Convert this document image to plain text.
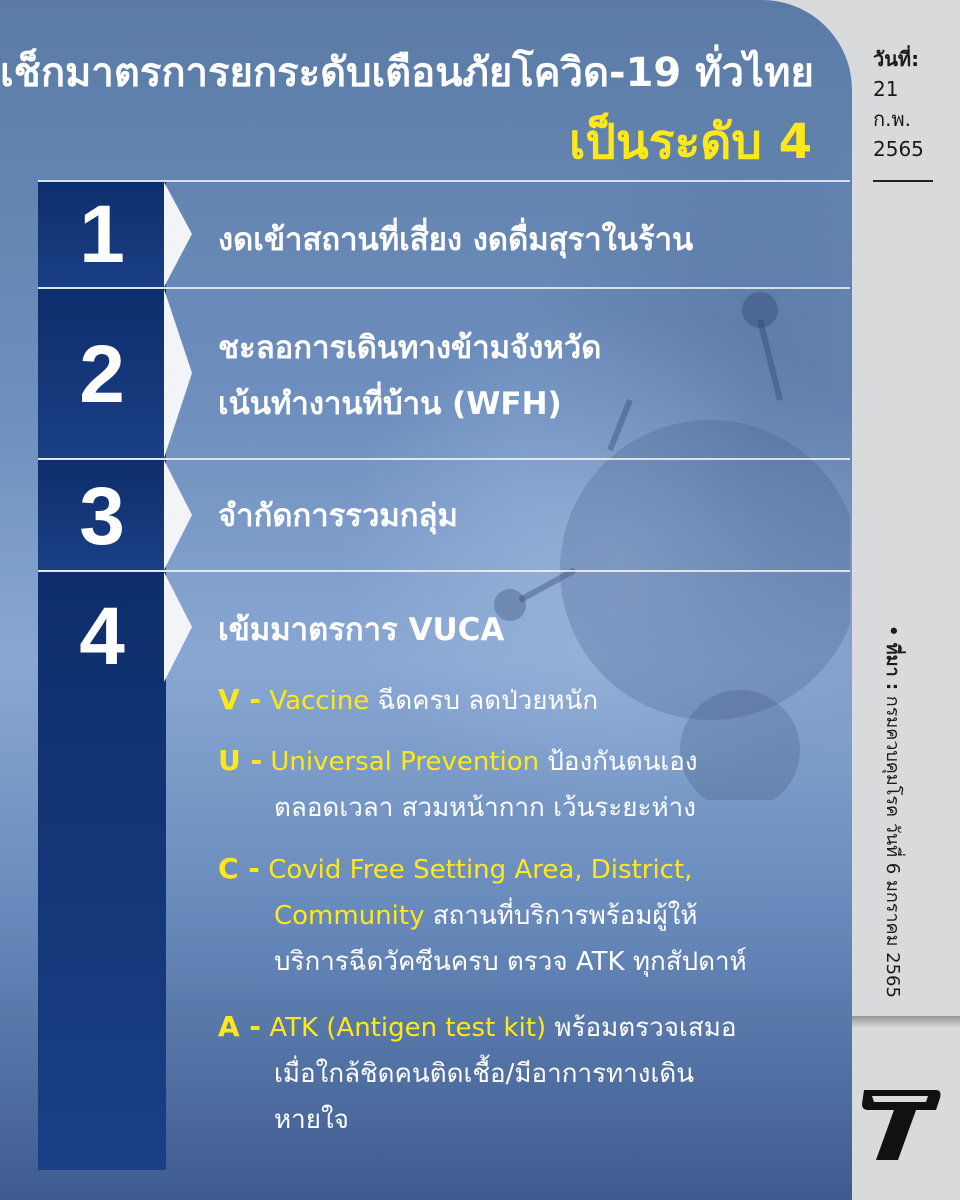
เช็กมาตรการยกระดับเตือนภัยโควิด-19 ทั่วไทย
เป็นระดับ 4
1
2
3
4
งดเข้าสถานที่เสี่ยง งดดื่มสุราในร้าน
ชะลอการเดินทางข้ามจังหวัด
เน้นทำงานที่บ้าน (WFH)
จำกัดการรวมกลุ่ม
เข้มมาตรการ VUCA
V - Vaccine ฉีดครบ ลดป่วยหนัก
U - Universal Prevention ป้องกันตนเอง
ตลอดเวลา สวมหน้ากาก เว้นระยะห่าง
C - Covid Free Setting Area, District,
Community สถานที่บริการพร้อมผู้ให้
บริการฉีดวัคซีนครบ ตรวจ ATK ทุกสัปดาห์
A - ATK (Antigen test kit) พร้อมตรวจเสมอ
เมื่อใกล้ชิดคนติดเชื้อ/มีอาการทางเดิน
หายใจ
วันที่:
21
ก.พ.
2565
• ที่มา : กรมควบคุมโรค วันที่ 6 มกราคม 2565
